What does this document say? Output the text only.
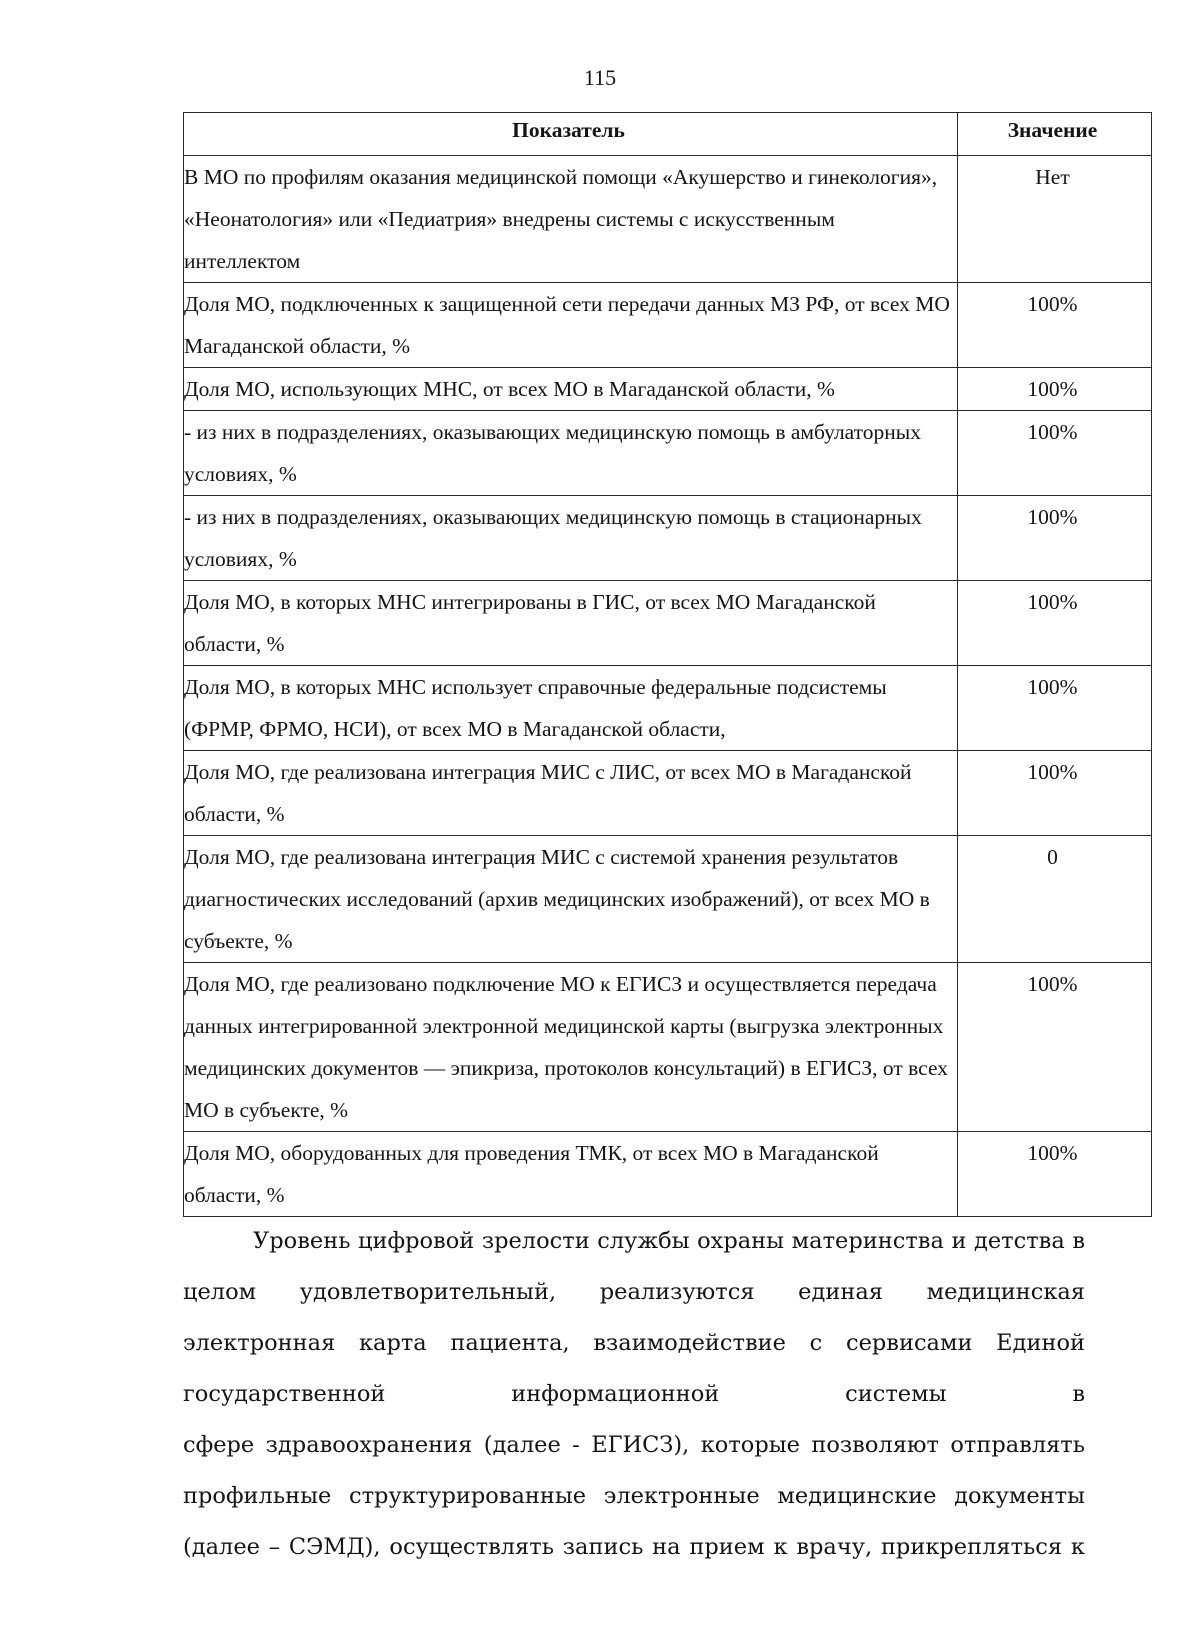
115
Показатель	Значение
В МО по профилям оказания медицинской помощи «Акушерство и гинекология», «Неонатология» или «Педиатрия» внедрены системы с искусственным интеллектом	Нет
Доля МО, подключенных к защищенной сети передачи данных МЗ РФ, от всех МО Магаданской области, %	100%
Доля МО, использующих МНС, от всех МО в Магаданской области, %	100%
- из них в подразделениях, оказывающих медицинскую помощь в амбулаторных условиях, %	100%
- из них в подразделениях, оказывающих медицинскую помощь в стационарных условиях, %	100%
Доля МО, в которых МНС интегрированы в ГИС, от всех МО Магаданской области, %	100%
Доля МО, в которых МНС использует справочные федеральные подсистемы (ФРМР, ФРМО, НСИ), от всех МО в Магаданской области,	100%
Доля МО, где реализована интеграция МИС с ЛИС, от всех МО в Магаданской области, %	100%
Доля МО, где реализована интеграция МИС с системой хранения результатов диагностических исследований (архив медицинских изображений), от всех МО в субъекте, %	0
Доля МО, где реализовано подключение МО к ЕГИСЗ и осуществляется передача данных интегрированной электронной медицинской карты (выгрузка электронных медицинских документов — эпикриза, протоколов консультаций) в ЕГИСЗ, от всех МО в субъекте, %	100%
Доля МО, оборудованных для проведения ТМК, от всех МО в Магаданской области, %	100%

Уровень цифровой зрелости службы охраны материнства и детства в целом удовлетворительный, реализуются единая медицинская электронная карта пациента, взаимодействие с сервисами Единой государственной информационной системы в

сфере здравоохранения (далее - ЕГИСЗ), которые позволяют отправлять профильные структурированные электронные медицинские документы (далее – СЭМД), осуществлять запись на прием к врачу, прикрепляться к
